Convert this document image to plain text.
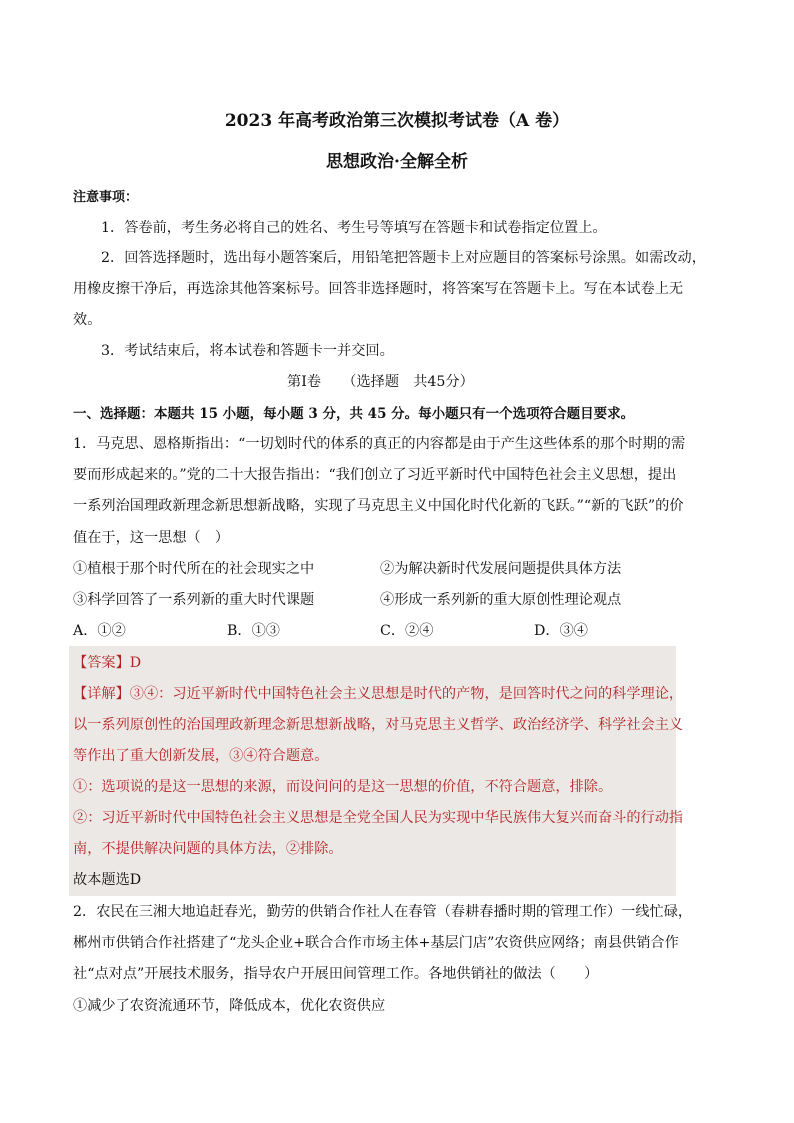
2023 年高考政治第三次模拟考试卷（A 卷）
思想政治·全解全析
注意事项：
1．答卷前，考生务必将自己的姓名、考生号等填写在答题卡和试卷指定位置上。
2．回答选择题时，选出每小题答案后，用铅笔把答题卡上对应题目的答案标号涂黑。如需改动，
用橡皮擦干净后，再选涂其他答案标号。回答非选择题时，将答案写在答题卡上。写在本试卷上无
效。
3．考试结束后，将本试卷和答题卡一并交回。
第Ⅰ卷　　（选择题　共45分）
一、选择题：本题共 15 小题，每小题 3 分，共 45 分。每小题只有一个选项符合题目要求。
1．马克思、恩格斯指出：“一切划时代的体系的真正的内容都是由于产生这些体系的那个时期的需
要而形成起来的。”党的二十大报告指出：“我们创立了习近平新时代中国特色社会主义思想，提出
一系列治国理政新理念新思想新战略，实现了马克思主义中国化时代化新的飞跃。”“新的飞跃”的价
值在于，这一思想（　）
①植根于那个时代所在的社会现实之中	②为解决新时代发展问题提供具体方法
③科学回答了一系列新的重大时代课题	④形成一系列新的重大原创性理论观点
A．①②	B．①③	C．②④	D．③④
【答案】D
【详解】③④：习近平新时代中国特色社会主义思想是时代的产物，是回答时代之问的科学理论，
以一系列原创性的治国理政新理念新思想新战略，对马克思主义哲学、政治经济学、科学社会主义
等作出了重大创新发展，③④符合题意。
①：选项说的是这一思想的来源，而设问问的是这一思想的价值，不符合题意，排除。
②：习近平新时代中国特色社会主义思想是全党全国人民为实现中华民族伟大复兴而奋斗的行动指
南，不提供解决问题的具体方法，②排除。
故本题选D
2．农民在三湘大地追赶春光，勤劳的供销合作社人在春管（春耕春播时期的管理工作）一线忙碌，
郴州市供销合作社搭建了“龙头企业+联合合作市场主体+基层门店”农资供应网络；南县供销合作
社“点对点”开展技术服务，指导农户开展田间管理工作。各地供销社的做法（　　）
①减少了农资流通环节，降低成本，优化农资供应
